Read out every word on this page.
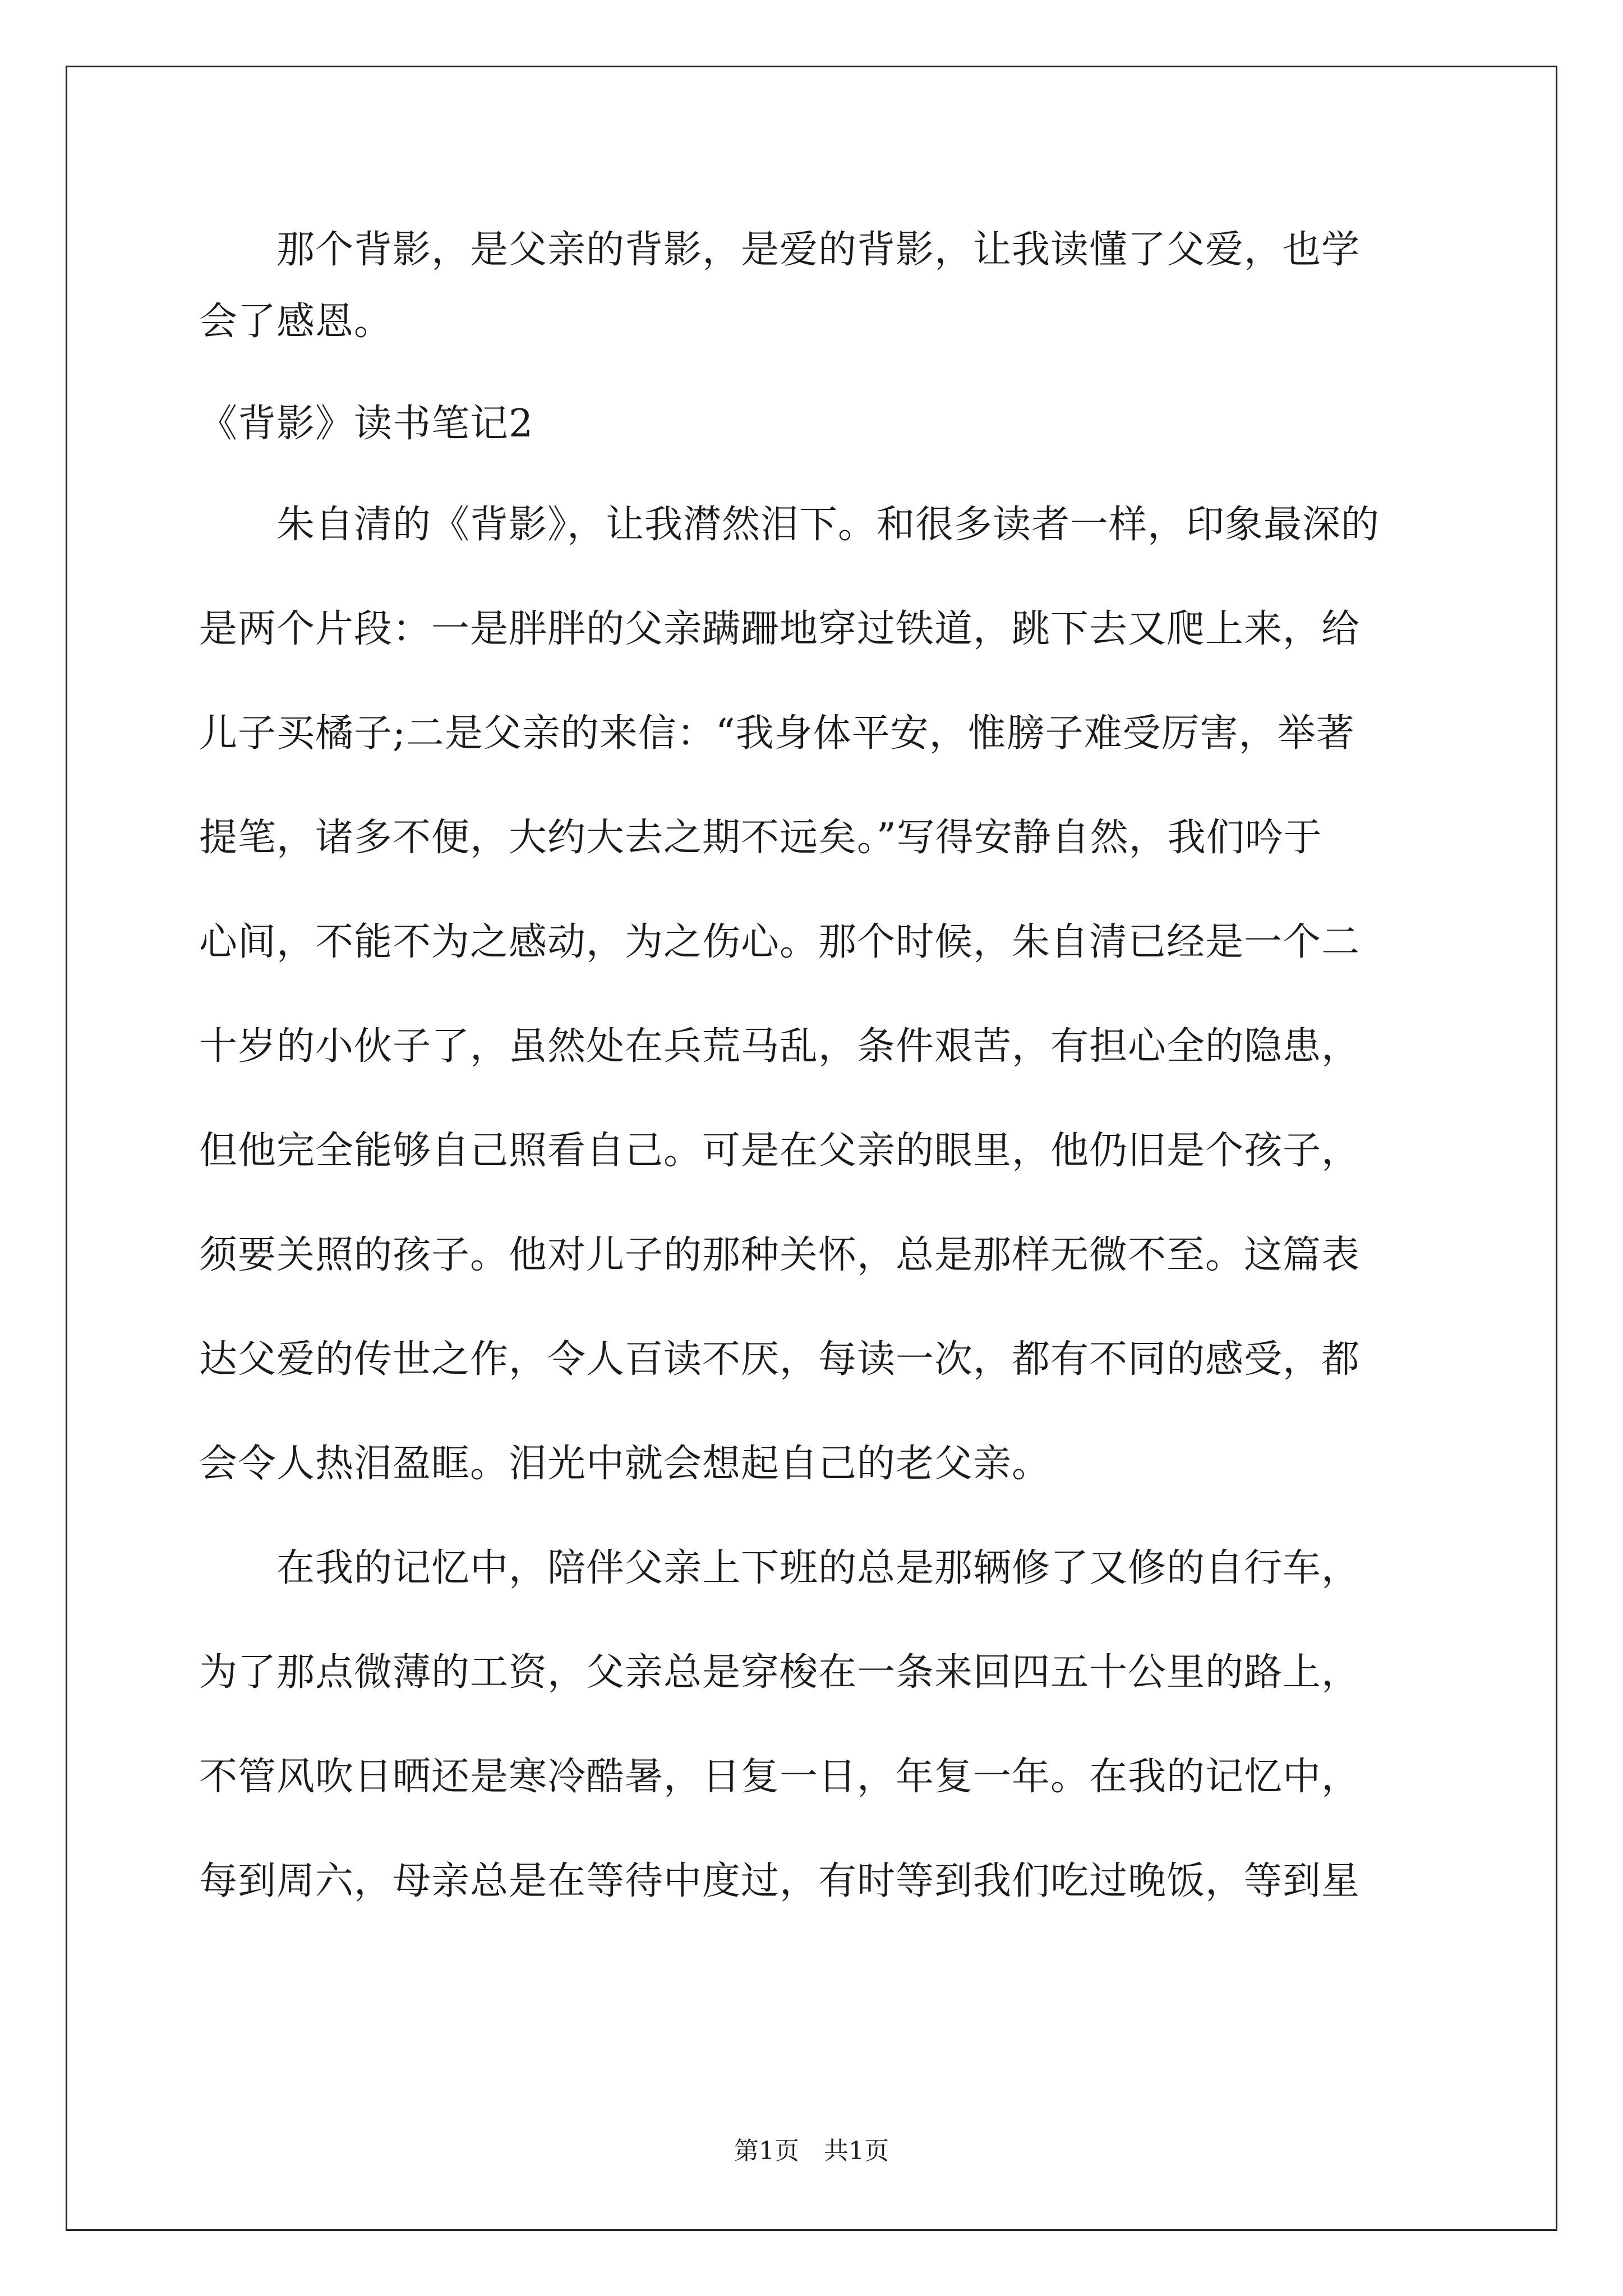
　　那个背影，是父亲的背影，是爱的背影，让我读懂了父爱，也学
会了感恩。
《背影》读书笔记2
　　朱自清的《背影》，让我潸然泪下。和很多读者一样，印象最深的
是两个片段：一是胖胖的父亲蹒跚地穿过铁道，跳下去又爬上来，给
儿子买橘子;二是父亲的来信：“我身体平安，惟膀子难受厉害，举著
提笔，诸多不便，大约大去之期不远矣。”写得安静自然，我们吟于
心间，不能不为之感动，为之伤心。那个时候，朱自清已经是一个二
十岁的小伙子了，虽然处在兵荒马乱，条件艰苦，有担心全的隐患，
但他完全能够自己照看自己。可是在父亲的眼里，他仍旧是个孩子，
须要关照的孩子。他对儿子的那种关怀，总是那样无微不至。这篇表
达父爱的传世之作，令人百读不厌，每读一次，都有不同的感受，都
会令人热泪盈眶。泪光中就会想起自己的老父亲。
　　在我的记忆中，陪伴父亲上下班的总是那辆修了又修的自行车，
为了那点微薄的工资，父亲总是穿梭在一条来回四五十公里的路上，
不管风吹日晒还是寒冷酷暑，日复一日，年复一年。在我的记忆中，
每到周六，母亲总是在等待中度过，有时等到我们吃过晚饭，等到星
第1页　共1页
